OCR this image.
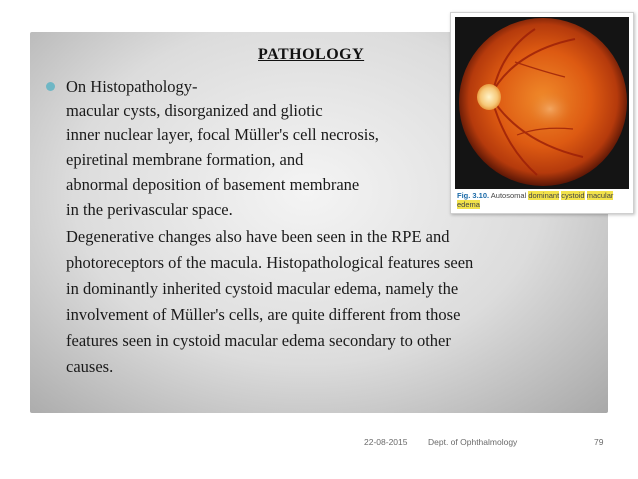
PATHOLOGY
On Histopathology-
macular cysts, disorganized and gliotic
inner nuclear layer, focal Müller's cell necrosis,
epiretinal membrane formation, and
abnormal deposition of basement membrane
in the perivascular space.
Degenerative changes also have been seen in the RPE and
photoreceptors of the macula. Histopathological features seen
in dominantly inherited cystoid macular edema, namely the
involvement of Müller's cells, are quite different from those
features seen in cystoid macular edema secondary to other
causes.
Fig. 3.10. Autosomal dominant cystoid macular
edema
22-08-2015 Dept. of Ophthalmology	79
